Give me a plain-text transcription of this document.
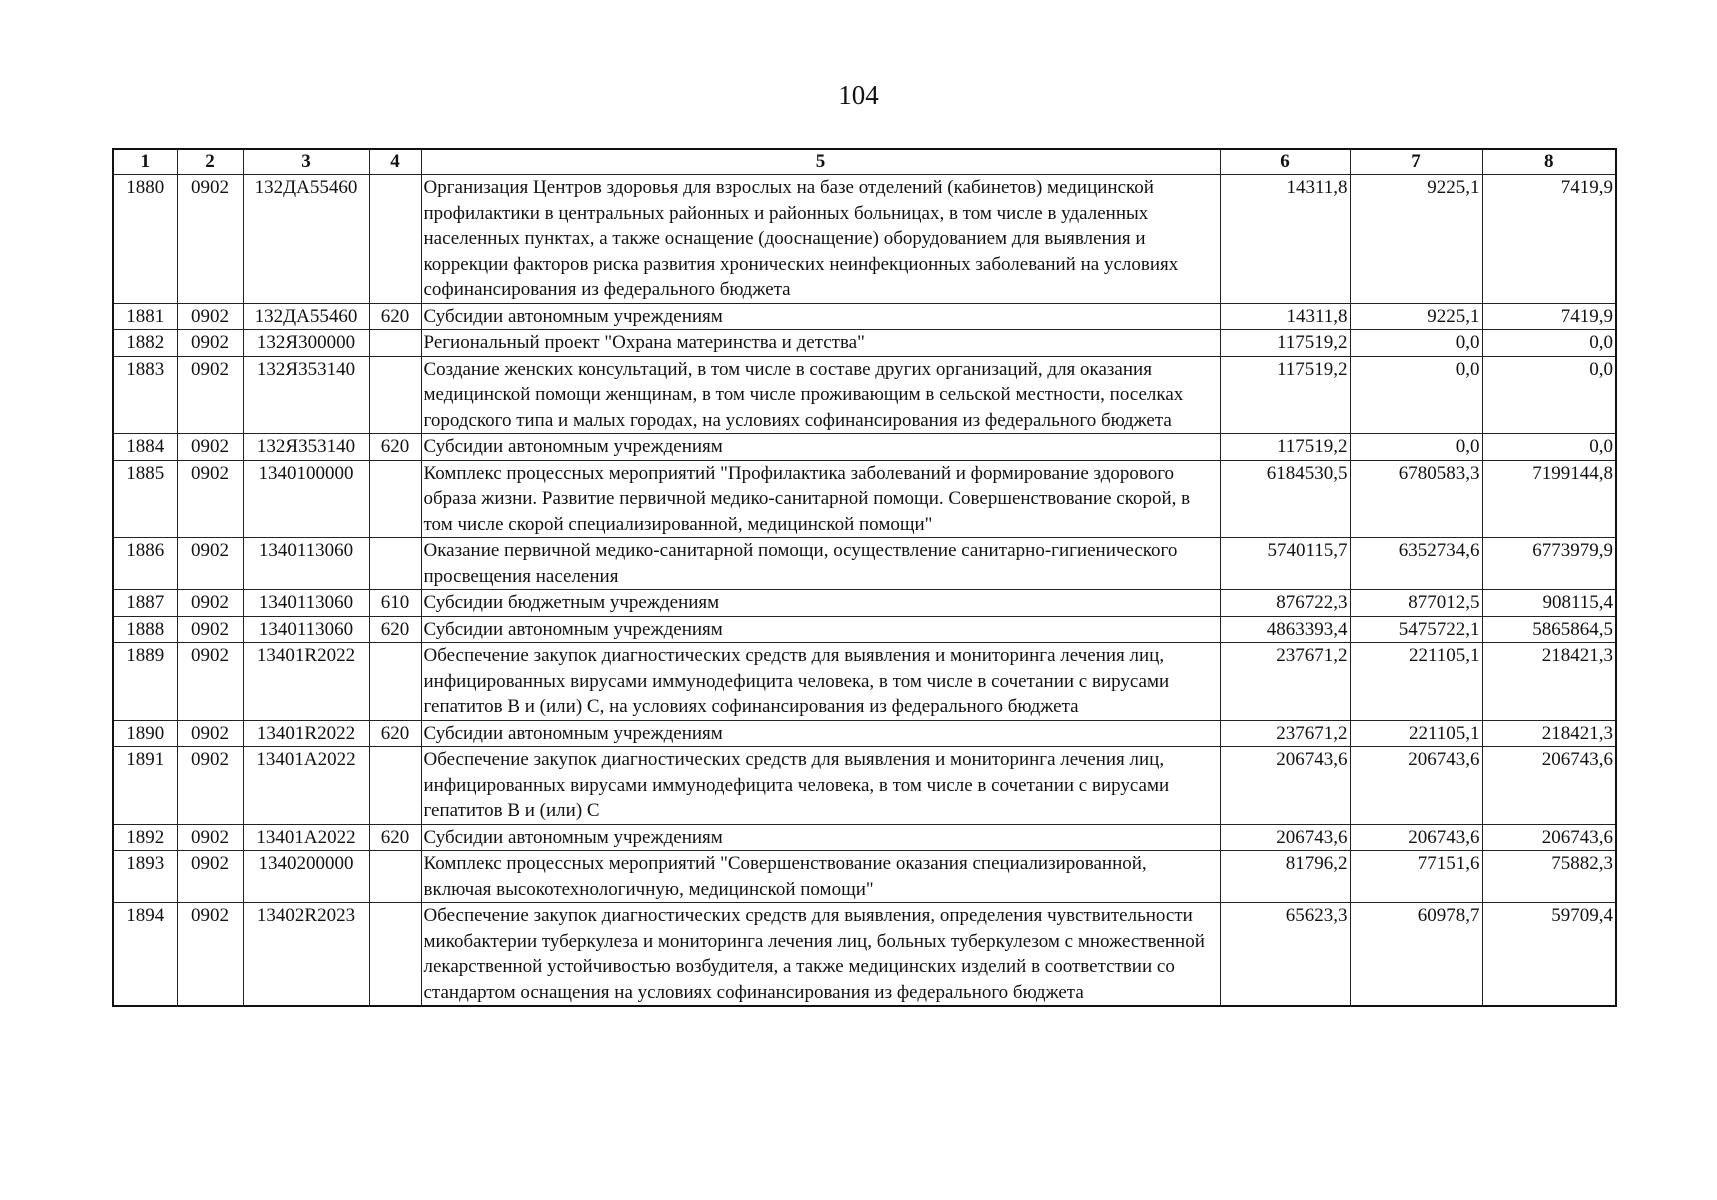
104
1	2	3	4	5	6	7	8
1880	0902	132ДА55460		Организация Центров здоровья для взрослых на базе отделений (кабинетов) медицинской профилактики в центральных районных и районных больницах, в том числе в удаленных населенных пунктах, а также оснащение (дооснащение) оборудованием для выявления и коррекции факторов риска развития хронических неинфекционных заболеваний на условиях софинансирования из федерального бюджета	14311,8	9225,1	7419,9
1881	0902	132ДА55460	620	Субсидии автономным учреждениям	14311,8	9225,1	7419,9
1882	0902	132Я300000		Региональный проект "Охрана материнства и детства"	117519,2	0,0	0,0
1883	0902	132Я353140		Создание женских консультаций, в том числе в составе других организаций, для оказания медицинской помощи женщинам, в том числе проживающим в сельской местности, поселках городского типа и малых городах, на условиях софинансирования из федерального бюджета	117519,2	0,0	0,0
1884	0902	132Я353140	620	Субсидии автономным учреждениям	117519,2	0,0	0,0
1885	0902	1340100000		Комплекс процессных мероприятий "Профилактика заболеваний и формирование здорового образа жизни. Развитие первичной медико-санитарной помощи. Совершенствование скорой, в том числе скорой специализированной, медицинской помощи"	6184530,5	6780583,3	7199144,8
1886	0902	1340113060		Оказание первичной медико-санитарной помощи, осуществление санитарно-гигиенического просвещения населения	5740115,7	6352734,6	6773979,9
1887	0902	1340113060	610	Субсидии бюджетным учреждениям	876722,3	877012,5	908115,4
1888	0902	1340113060	620	Субсидии автономным учреждениям	4863393,4	5475722,1	5865864,5
1889	0902	13401R2022		Обеспечение закупок диагностических средств для выявления и мониторинга лечения лиц, инфицированных вирусами иммунодефицита человека, в том числе в сочетании с вирусами гепатитов В и (или) С, на условиях софинансирования из федерального бюджета	237671,2	221105,1	218421,3
1890	0902	13401R2022	620	Субсидии автономным учреждениям	237671,2	221105,1	218421,3
1891	0902	13401A2022		Обеспечение закупок диагностических средств для выявления и мониторинга лечения лиц, инфицированных вирусами иммунодефицита человека, в том числе в сочетании с вирусами гепатитов В и (или) С	206743,6	206743,6	206743,6
1892	0902	13401A2022	620	Субсидии автономным учреждениям	206743,6	206743,6	206743,6
1893	0902	1340200000		Комплекс процессных мероприятий "Совершенствование оказания специализированной, включая высокотехнологичную, медицинской помощи"	81796,2	77151,6	75882,3
1894	0902	13402R2023		Обеспечение закупок диагностических средств для выявления, определения чувствительности микобактерии туберкулеза и мониторинга лечения лиц, больных туберкулезом с множественной лекарственной устойчивостью возбудителя, а также медицинских изделий в соответствии со стандартом оснащения на условиях софинансирования из федерального бюджета	65623,3	60978,7	59709,4
